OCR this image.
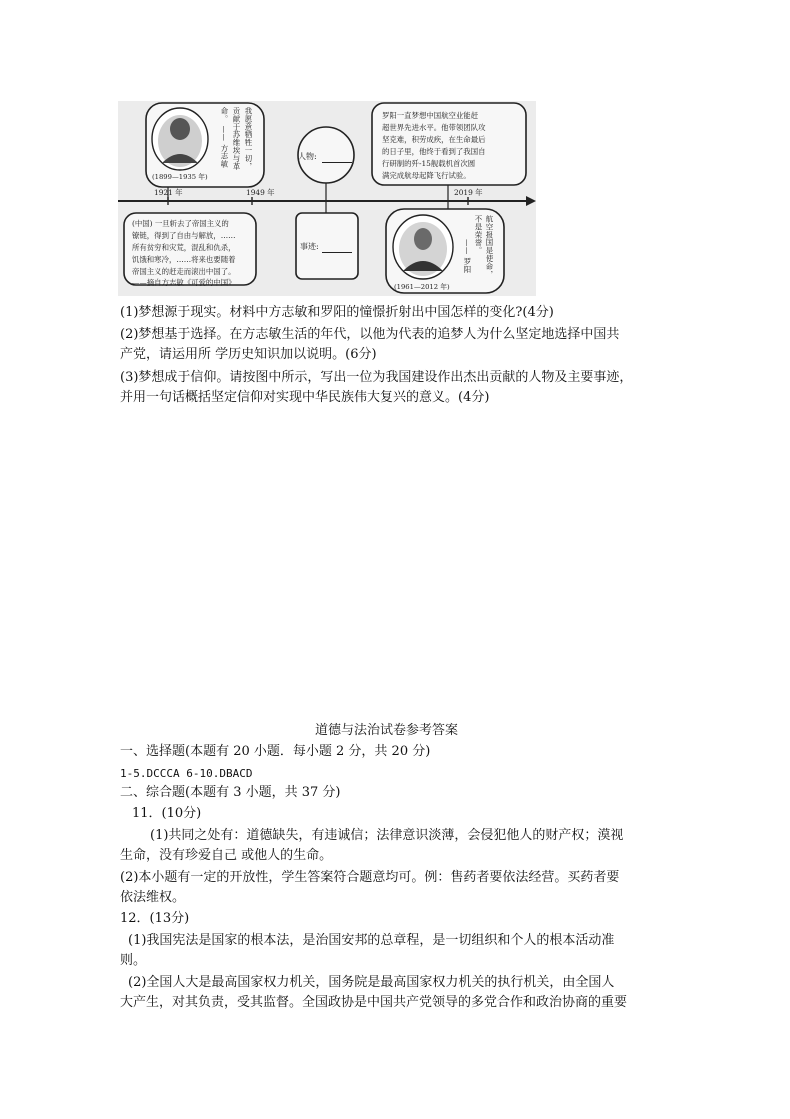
1921 年	1949 年	2019 年
我愿意牺牲一切，
贡献于苏维埃与革
命。 —— 方志敏
(1899—1935 年)
(中国) 一旦斩去了帝国主义的
镣链，得到了自由与解放，……
所有贫穷和灾荒，混乱和仇杀，
饥饿和寒冷，……将来也要随着
帝国主义的赶走而滚出中国了。
——摘自方志敏《可爱的中国》
人物:
事迹:
罗阳一直梦想中国航空业能赶
超世界先进水平。他带领团队攻
坚克难，积劳成疾，在生命最后
的日子里，他终于看到了我国自
行研制的歼-15舰载机首次圆
满完成航母起降飞行试验。
航空报国是使命，
不是荣誉。
—— 罗阳
(1961—2012 年)
(1)梦想源于现实。材料中方志敏和罗阳的憧憬折射出中国怎样的变化?(4分)
(2)梦想基于选择。在方志敏生活的年代，以他为代表的追梦人为什么坚定地选择中国共
产党，请运用所 学历史知识加以说明。(6分)
(3)梦想成于信仰。请按图中所示，写出一位为我国建设作出杰出贡献的人物及主要事迹，
并用一句话概括坚定信仰对实现中华民族伟大复兴的意义。(4分)
道德与法治试卷参考答案
一、选择题(本题有 20 小题．每小题 2 分，共 20 分)
1-5.DCCCA 6-10.DBACD
二、综合题(本题有 3 小题，共 37 分)
11．(10分)
(1)共同之处有：道德缺失，有违诚信；法律意识淡薄，会侵犯他人的财产权；漠视
生命，没有珍爱自己 或他人的生命。
(2)本小题有一定的开放性，学生答案符合题意均可。例：售药者要依法经营。买药者要
依法维权。
12．(13分)
(1)我国宪法是国家的根本法，是治国安邦的总章程，是一切组织和个人的根本活动准
则。
(2)全国人大是最高国家权力机关，国务院是最高国家权力机关的执行机关，由全国人
大产生，对其负责，受其监督。全国政协是中国共产党领导的多党合作和政治协商的重要
